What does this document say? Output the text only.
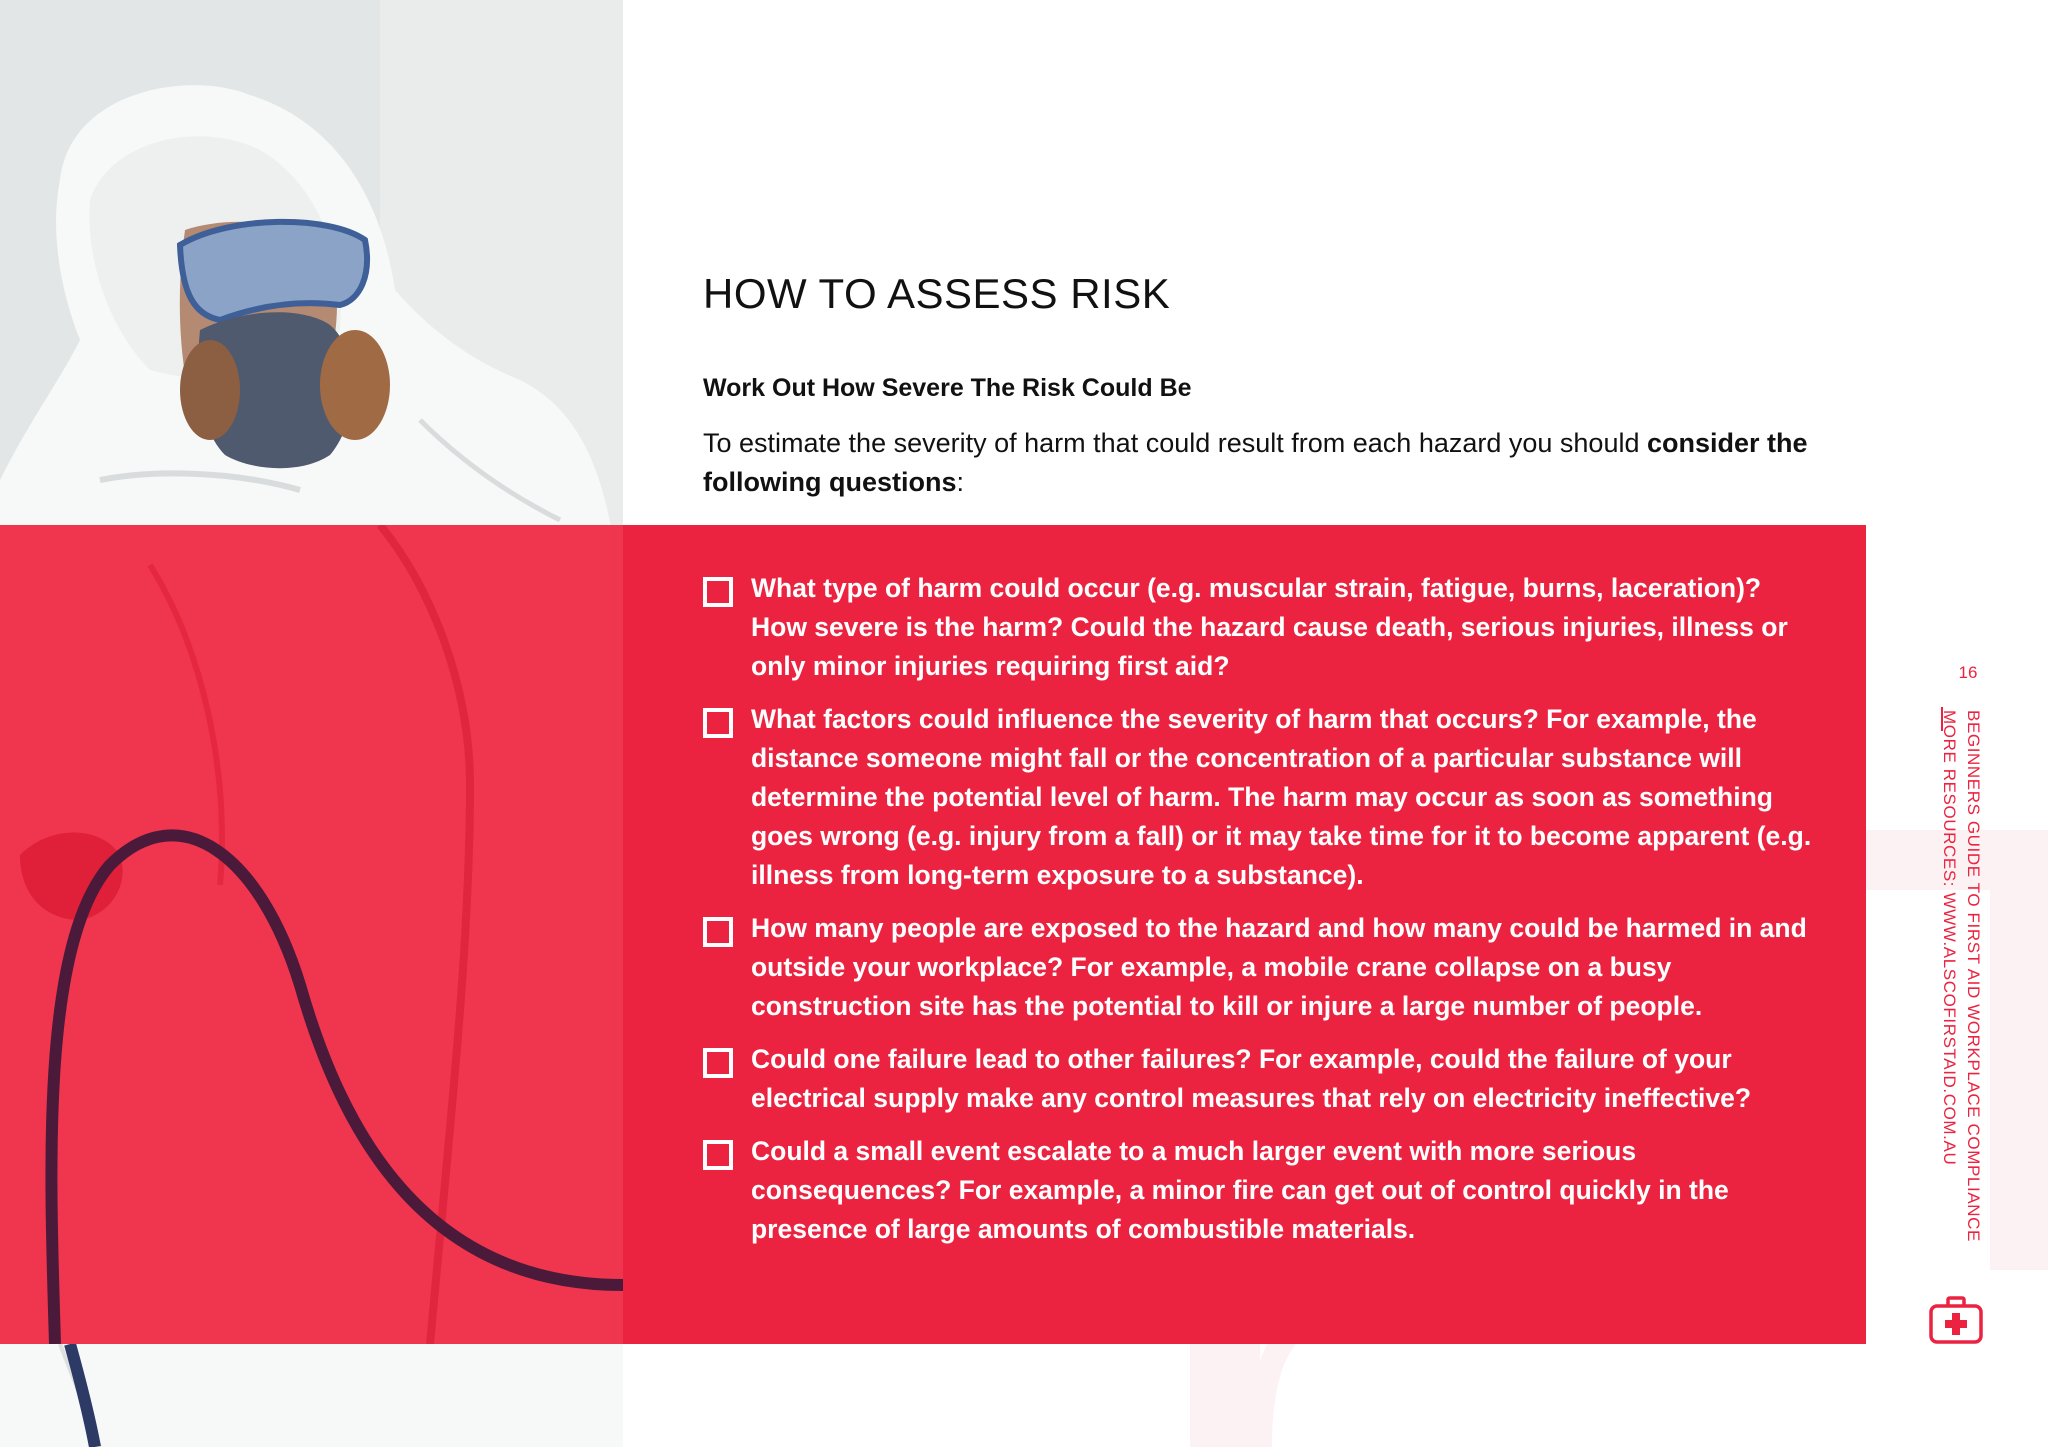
HOW TO ASSESS RISK
Work Out How Severe The Risk Could Be

To estimate the severity of harm that could result from each hazard you should consider the following questions:

What type of harm could occur (e.g. muscular strain, fatigue, burns, laceration)? How severe is the harm? Could the hazard cause death, serious injuries, illness or only minor injuries requiring first aid?
What factors could influence the severity of harm that occurs? For example, the distance someone might fall or the concentration of a particular substance will determine the potential level of harm. The harm may occur as soon as something goes wrong (e.g. injury from a fall) or it may take time for it to become apparent (e.g. illness from long-term exposure to a substance).
How many people are exposed to the hazard and how many could be harmed in and outside your workplace? For example, a mobile crane collapse on a busy construction site has the potential to kill or injure a large number of people.
Could one failure lead to other failures? For example, could the failure of your electrical supply make any control measures that rely on electricity ineffective?
Could a small event escalate to a much larger event with more serious consequences? For example, a minor fire can get out of control quickly in the presence of large amounts of combustible materials.
16
BEGINNERS GUIDE TO FIRST AID WORKPLACE COMPLIANCE
MORE RESOURCES: WWW.ALSCOFIRSTAID.COM.AU
